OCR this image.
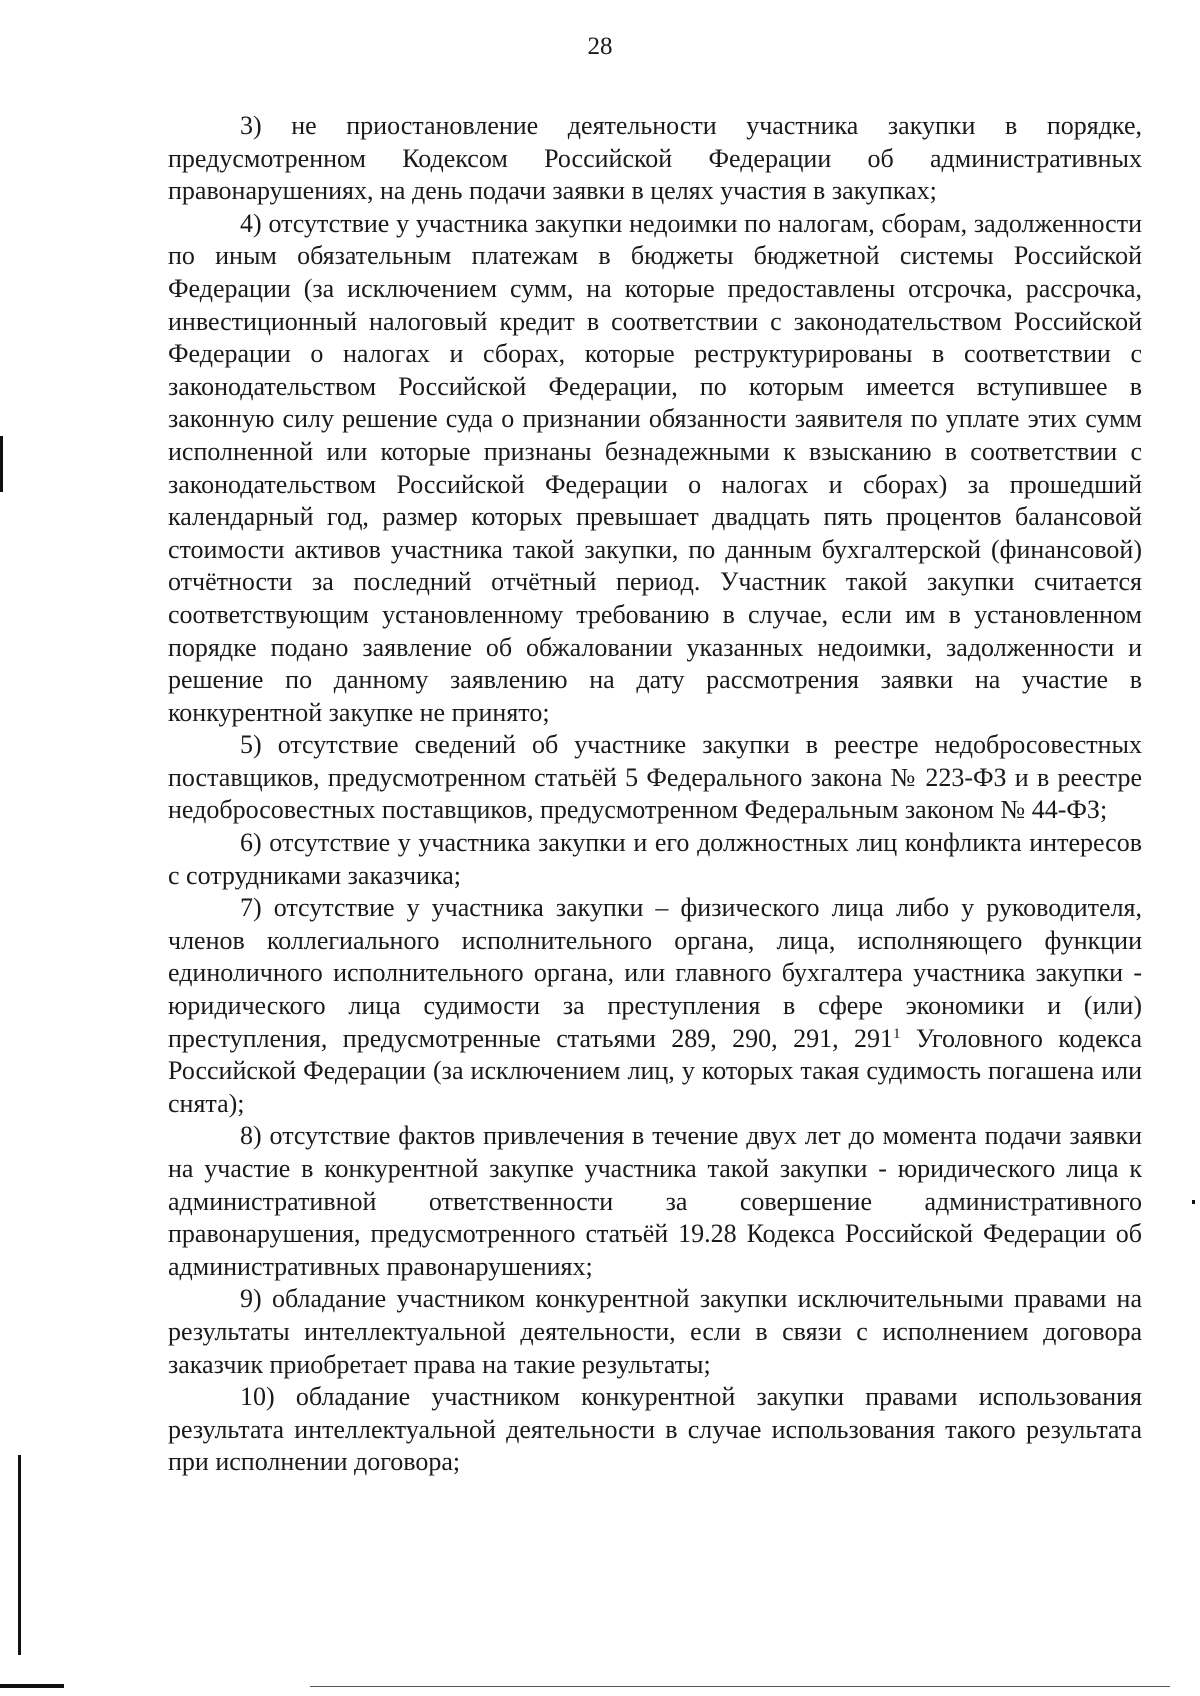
28

3) не приостановление деятельности участника закупки в порядке, предусмотренном Кодексом Российской Федерации об административных правонарушениях, на день подачи заявки в целях участия в закупках;

4) отсутствие у участника закупки недоимки по налогам, сборам, задолженности по иным обязательным платежам в бюджеты бюджетной системы Российской Федерации (за исключением сумм, на которые предоставлены отсрочка, рассрочка, инвестиционный налоговый кредит в соответствии с законодательством Российской Федерации о налогах и сборах, которые реструктурированы в соответствии с законодательством Российской Федерации, по которым имеется вступившее в законную силу решение суда о признании обязанности заявителя по уплате этих сумм исполненной или которые признаны безнадежными к взысканию в соответствии с законодательством Российской Федерации о налогах и сборах) за прошедший календарный год, размер которых превышает двадцать пять процентов балансовой стоимости активов участника такой закупки, по данным бухгалтерской (финансовой) отчётности за последний отчётный период. Участник такой закупки считается соответствующим установленному требованию в случае, если им в установленном порядке подано заявление об обжаловании указанных недоимки, задолженности и решение по данному заявлению на дату рассмотрения заявки на участие в конкурентной закупке не принято;

5) отсутствие сведений об участнике закупки в реестре недобросовестных поставщиков, предусмотренном статьёй 5 Федерального закона № 223-ФЗ и в реестре недобросовестных поставщиков, предусмотренном Федеральным законом № 44-ФЗ;

6) отсутствие у участника закупки и его должностных лиц конфликта интересов с сотрудниками заказчика;

7) отсутствие у участника закупки – физического лица либо у руководителя, членов коллегиального исполнительного органа, лица, исполняющего функции единоличного исполнительного органа, или главного бухгалтера участника закупки - юридического лица судимости за преступления в сфере экономики и (или) преступления, предусмотренные статьями 289, 290, 291, $291^1$ Уголовного кодекса Российской Федерации (за исключением лиц, у которых такая судимость погашена или снята);

8) отсутствие фактов привлечения в течение двух лет до момента подачи заявки на участие в конкурентной закупке участника такой закупки - юридического лица к административной ответственности за совершение административного правонарушения, предусмотренного статьёй 19.28 Кодекса Российской Федерации об административных правонарушениях;

9) обладание участником конкурентной закупки исключительными правами на результаты интеллектуальной деятельности, если в связи с исполнением договора заказчик приобретает права на такие результаты;

10) обладание участником конкурентной закупки правами использования результата интеллектуальной деятельности в случае использования такого результата при исполнении договора;
